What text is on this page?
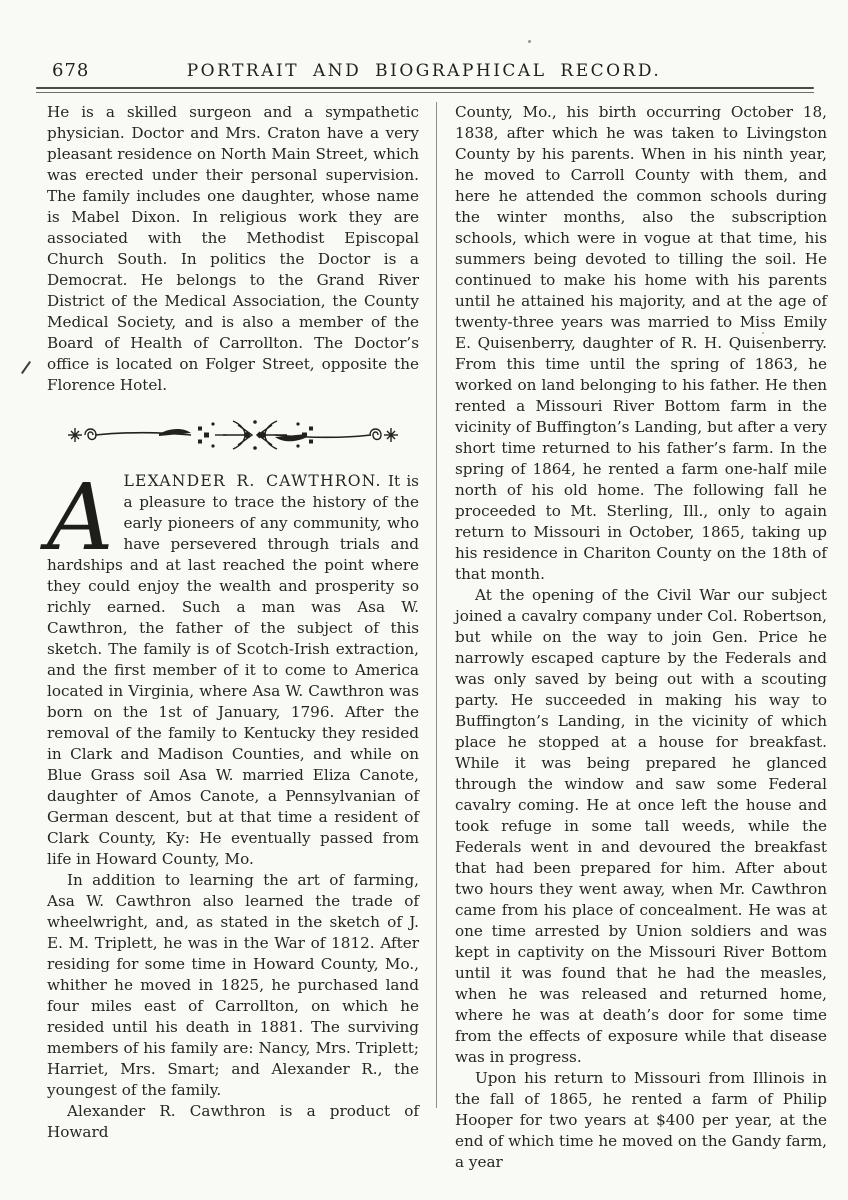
678	PORTRAIT AND BIOGRAPHICAL RECORD.

He is a skilled surgeon and a sympathetic physician. Doctor and Mrs. Craton have a very pleasant residence on North Main Street, which was erected under their personal supervision. The family includes one daughter, whose name is Mabel Dixon. In religious work they are associated with the Methodist Episcopal Church South. In politics the Doctor is a Democrat. He belongs to the Grand River District of the Medical Association, the County Medical Society, and is also a member of the Board of Health of Carrollton. The Doctor’s office is located on Folger Street, opposite the Florence Hotel.

ALEXANDER R. CAWTHRON. It is a pleasure to trace the history of the early pioneers of any community, who have persevered through trials and hardships and at last reached the point where they could enjoy the wealth and prosperity so richly earned. Such a man was Asa W. Cawthron, the father of the subject of this sketch. The family is of Scotch-Irish extraction, and the first member of it to come to America located in Virginia, where Asa W. Cawthron was born on the 1st of January, 1796. After the removal of the family to Kentucky they resided in Clark and Madison Counties, and while on Blue Grass soil Asa W. married Eliza Canote, daughter of Amos Canote, a Pennsylvanian of German descent, but at that time a resident of Clark County, Ky: He eventually passed from life in Howard County, Mo.

In addition to learning the art of farming, Asa W. Cawthron also learned the trade of wheelwright, and, as stated in the sketch of J. E. M. Triplett, he was in the War of 1812. After residing for some time in Howard County, Mo., whither he moved in 1825, he purchased land four miles east of Carrollton, on which he resided until his death in 1881. The surviving members of his family are: Nancy, Mrs. Triplett; Harriet, Mrs. Smart; and Alexander R., the youngest of the family.

Alexander R. Cawthron is a product of Howard

County, Mo., his birth occurring October 18, 1838, after which he was taken to Livingston County by his parents. When in his ninth year, he moved to Carroll County with them, and here he attended the common schools during the winter months, also the subscription schools, which were in vogue at that time, his summers being devoted to tilling the soil. He continued to make his home with his parents until he attained his majority, and at the age of twenty-three years was married to Miss Emily E. Quisenberry, daughter of R. H. Quisenberry. From this time until the spring of 1863, he worked on land belonging to his father. He then rented a Missouri River Bottom farm in the vicinity of Buffington’s Landing, but after a very short time returned to his father’s farm. In the spring of 1864, he rented a farm one-half mile north of his old home. The following fall he proceeded to Mt. Sterling, Ill., only to again return to Missouri in October, 1865, taking up his residence in Chariton County on the 18th of that month.

At the opening of the Civil War our subject joined a cavalry company under Col. Robertson, but while on the way to join Gen. Price he narrowly escaped capture by the Federals and was only saved by being out with a scouting party. He succeeded in making his way to Buffington’s Landing, in the vicinity of which place he stopped at a house for breakfast. While it was being prepared he glanced through the window and saw some Federal cavalry coming. He at once left the house and took refuge in some tall weeds, while the Federals went in and devoured the breakfast that had been prepared for him. After about two hours they went away, when Mr. Cawthron came from his place of concealment. He was at one time arrested by Union soldiers and was kept in captivity on the Missouri River Bottom until it was found that he had the measles, when he was released and returned home, where he was at death’s door for some time from the effects of exposure while that disease was in progress.

Upon his return to Missouri from Illinois in the fall of 1865, he rented a farm of Philip Hooper for two years at $400 per year, at the end of which time he moved on the Gandy farm, a year
